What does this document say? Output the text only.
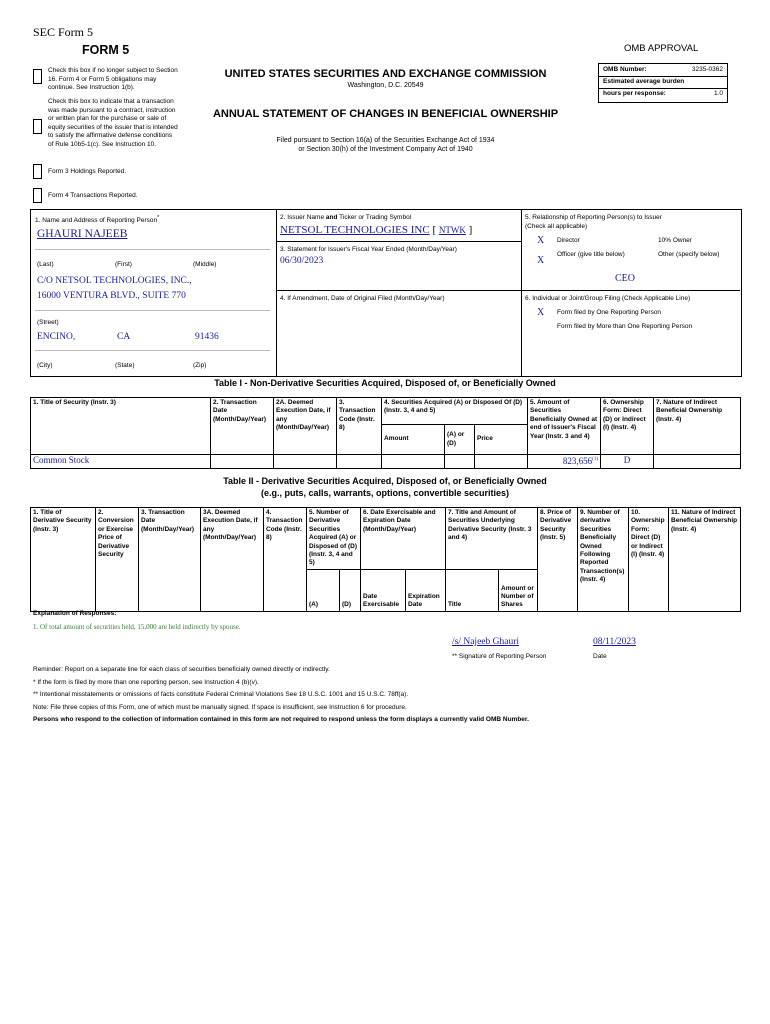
SEC Form 5
FORM 5	OMB APPROVAL
Check this box if no longer subject to Section 16. Form 4 or Form 5 obligations may continue. See Instruction 1(b).
Check this box to indicate that a transaction was made pursuant to a contract, instruction or written plan for the purchase or sale of equity securities of the issuer that is intended to satisfy the affirmative defense conditions of Rule 10b5-1(c). See Instruction 10.
Form 3 Holdings Reported.
Form 4 Transactions Reported.
UNITED STATES SECURITIES AND EXCHANGE COMMISSION
Washington, D.C. 20549
ANNUAL STATEMENT OF CHANGES IN BENEFICIAL OWNERSHIP
Filed pursuant to Section 16(a) of the Securities Exchange Act of 1934
or Section 30(h) of the Investment Company Act of 1940
OMB Number:	3235-0362
Estimated average burden
hours per response:	1.0
1. Name and Address of Reporting Person*
GHAURI NAJEEB
(Last)	(First)	(Middle)
C/O NETSOL TECHNOLOGIES, INC.,
16000 VENTURA BLVD., SUITE 770
(Street)
ENCINO,	CA	91436
(City)	(State)	(Zip)
2. Issuer Name and Ticker or Trading Symbol
NETSOL TECHNOLOGIES INC [ NTWK ]
3. Statement for Issuer's Fiscal Year Ended (Month/Day/Year)
06/30/2023
4. If Amendment, Date of Original Filed (Month/Day/Year)
5. Relationship of Reporting Person(s) to Issuer
(Check all applicable)
X Director	10% Owner
X
Officer (give title below)	Other (specify below)
CEO
6. Individual or Joint/Group Filing (Check Applicable Line)
X Form filed by One Reporting Person
Form filed by More than One Reporting Person
Table I - Non-Derivative Securities Acquired, Disposed of, or Beneficially Owned
1. Title of Security (Instr. 3)	2. Transaction Date (Month/Day/Year)	2A. Deemed Execution Date, if any (Month/Day/Year)	3. Transaction Code (Instr. 8)	4. Securities Acquired (A) or Disposed Of (D) (Instr. 3, 4 and 5)			5. Amount of Securities Beneficially Owned at end of Issuer's Fiscal Year (Instr. 3 and 4)	6. Ownership Form: Direct (D) or Indirect (I) (Instr. 4)	7. Nature of Indirect Beneficial Ownership (Instr. 4)
				Amount	(A) or (D)	Price			
Common Stock							823,656$^{(1)}$	D	
Table II - Derivative Securities Acquired, Disposed of, or Beneficially Owned
(e.g., puts, calls, warrants, options, convertible securities)
1. Title of Derivative Security (Instr. 3)	2. Conversion or Exercise Price of Derivative Security	3. Transaction Date (Month/Day/Year)	3A. Deemed Execution Date, if any (Month/Day/Year)	4. Transaction Code (Instr. 8)	5. Number of Derivative Securities Acquired (A) or Disposed of (D) (Instr. 3, 4 and 5)		6. Date Exercisable and Expiration Date (Month/Day/Year)		7. Title and Amount of Securities Underlying Derivative Security (Instr. 3 and 4)		8. Price of Derivative Security (Instr. 5)	9. Number of derivative Securities Beneficially Owned Following Reported Transaction(s) (Instr. 4)	10. Ownership Form: Direct (D) or Indirect (I) (Instr. 4)	11. Nature of Indirect Beneficial Ownership (Instr. 4)
					(A)	(D)	Date Exercisable	Expiration Date	Title	Amount or Number of Shares				
Explanation of Responses:
1. Of total amount of securities held, 15,000 are held indirectly by spouse.
/s/ Najeeb Ghauri	08/11/2023
** Signature of Reporting Person	Date
Reminder: Report on a separate line for each class of securities beneficially owned directly or indirectly.
* If the form is filed by more than one reporting person, see Instruction 4 (b)(v).
** Intentional misstatements or omissions of facts constitute Federal Criminal Violations See 18 U.S.C. 1001 and 15 U.S.C. 78ff(a).
Note: File three copies of this Form, one of which must be manually signed. If space is insufficient, see Instruction 6 for procedure.
Persons who respond to the collection of information contained in this form are not required to respond unless the form displays a currently valid OMB Number.
